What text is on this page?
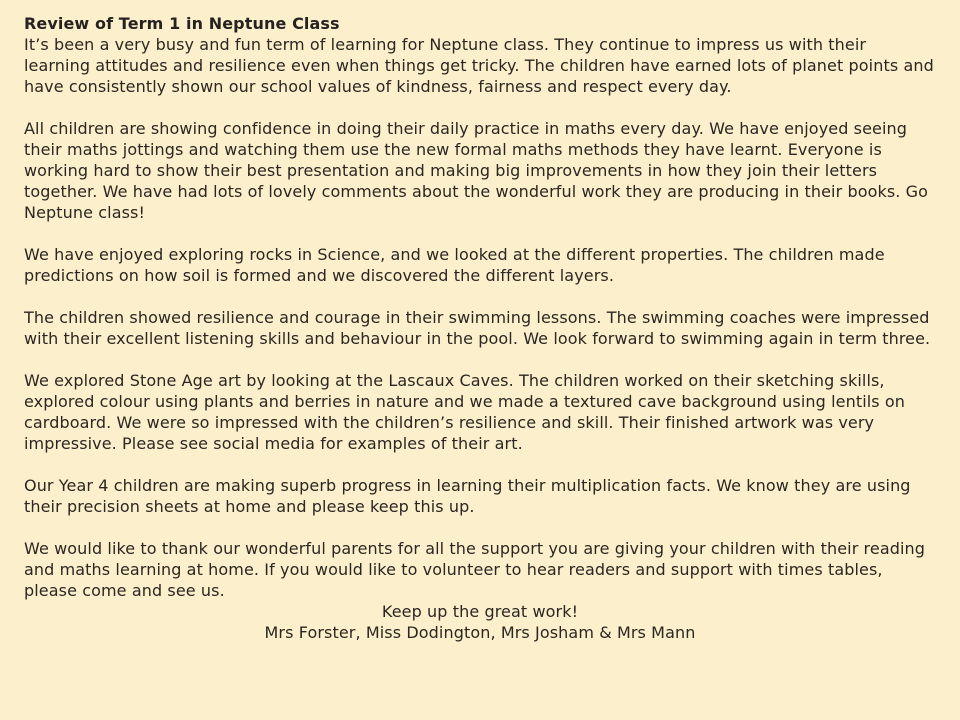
Review of Term 1 in Neptune Class

It’s been a very busy and fun term of learning for Neptune class. They continue to impress us with their learning attitudes and resilience even when things get tricky. The children have earned lots of planet points and have consistently shown our school values of kindness, fairness and respect every day.

All children are showing confidence in doing their daily practice in maths every day. We have enjoyed seeing their maths jottings and watching them use the new formal maths methods they have learnt. Everyone is working hard to show their best presentation and making big improvements in how they join their letters together. We have had lots of lovely comments about the wonderful work they are producing in their books. Go Neptune class!

We have enjoyed exploring rocks in Science, and we looked at the different properties. The children made predictions on how soil is formed and we discovered the different layers.

The children showed resilience and courage in their swimming lessons. The swimming coaches were impressed with their excellent listening skills and behaviour in the pool. We look forward to swimming again in term three.

We explored Stone Age art by looking at the Lascaux Caves. The children worked on their sketching skills, explored colour using plants and berries in nature and we made a textured cave background using lentils on cardboard. We were so impressed with the children’s resilience and skill. Their finished artwork was very impressive. Please see social media for examples of their art.

Our Year 4 children are making superb progress in learning their multiplication facts. We know they are using their precision sheets at home and please keep this up.

We would like to thank our wonderful parents for all the support you are giving your children with their reading and maths learning at home. If you would like to volunteer to hear readers and support with times tables, please come and see us.

Keep up the great work!

Mrs Forster, Miss Dodington, Mrs Josham & Mrs Mann
